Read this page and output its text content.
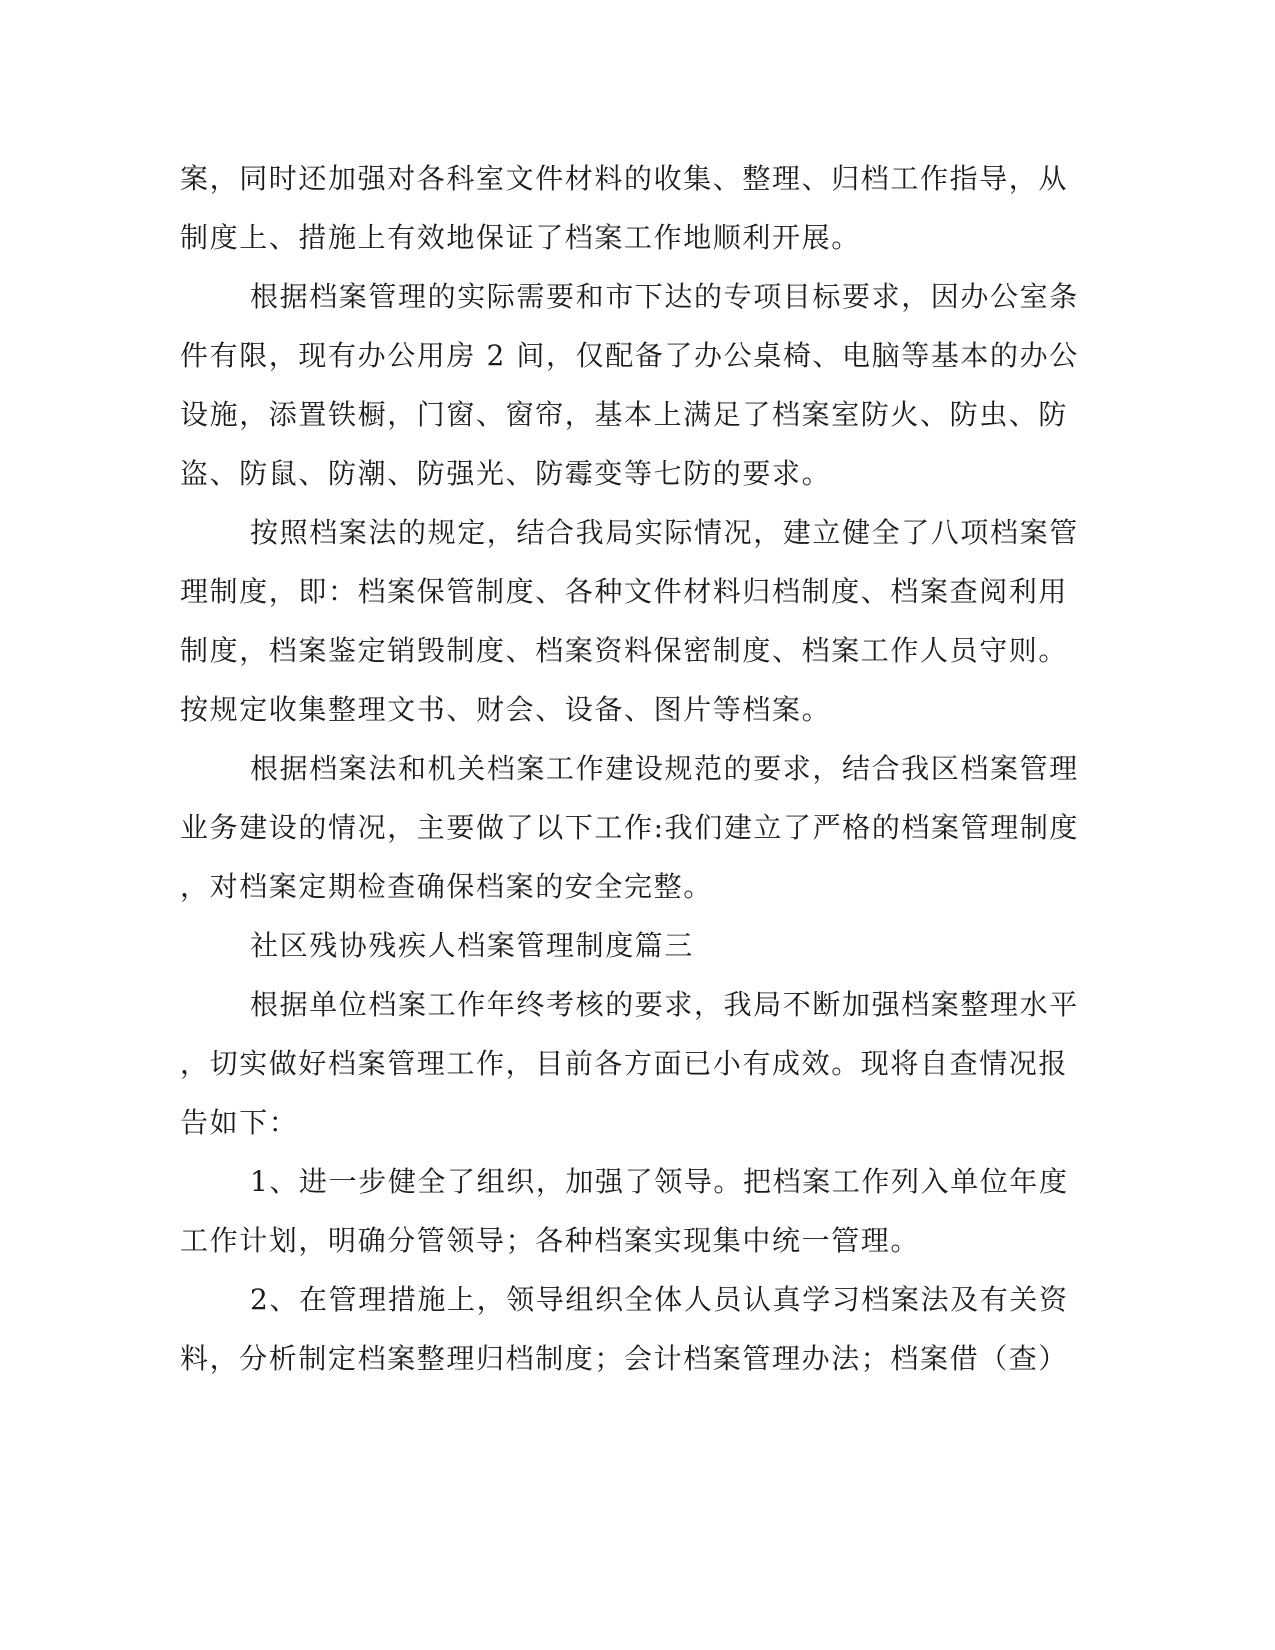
案，同时还加强对各科室文件材料的收集、整理、归档工作指导，从
制度上、措施上有效地保证了档案工作地顺利开展。
根据档案管理的实际需要和市下达的专项目标要求，因办公室条
件有限，现有办公用房 2 间，仅配备了办公桌椅、电脑等基本的办公
设施，添置铁橱，门窗、窗帘，基本上满足了档案室防火、防虫、防
盗、防鼠、防潮、防强光、防霉变等七防的要求。
按照档案法的规定，结合我局实际情况，建立健全了八项档案管
理制度，即：档案保管制度、各种文件材料归档制度、档案查阅利用
制度，档案鉴定销毁制度、档案资料保密制度、档案工作人员守则。
按规定收集整理文书、财会、设备、图片等档案。
根据档案法和机关档案工作建设规范的要求，结合我区档案管理
业务建设的情况，主要做了以下工作:我们建立了严格的档案管理制度
，对档案定期检查确保档案的安全完整。
社区残协残疾人档案管理制度篇三
根据单位档案工作年终考核的要求，我局不断加强档案整理水平
，切实做好档案管理工作，目前各方面已小有成效。现将自查情况报
告如下：
1、进一步健全了组织，加强了领导。把档案工作列入单位年度
工作计划，明确分管领导；各种档案实现集中统一管理。
2、在管理措施上，领导组织全体人员认真学习档案法及有关资
料，分析制定档案整理归档制度；会计档案管理办法；档案借（查）
